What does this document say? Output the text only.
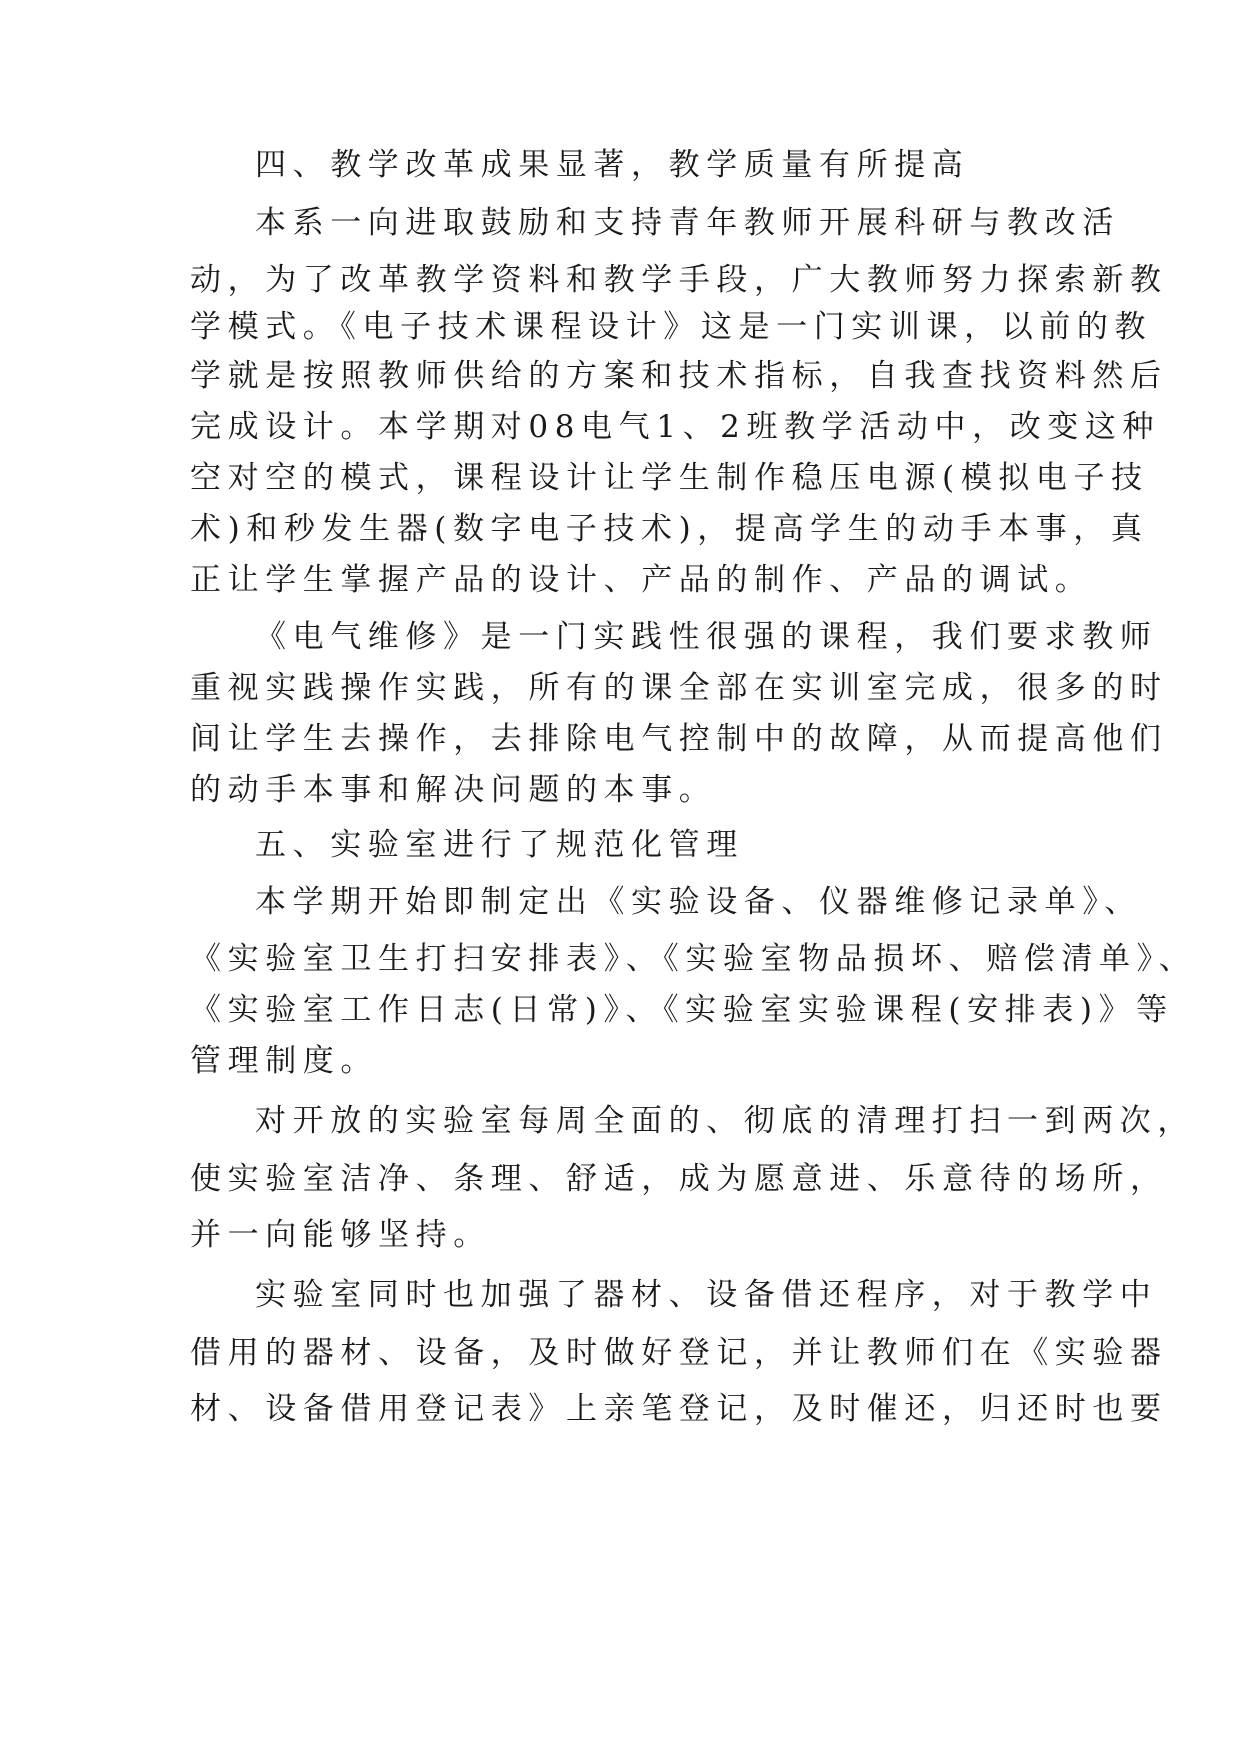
四、教学改革成果显著，教学质量有所提高
本系一向进取鼓励和支持青年教师开展科研与教改活
动，为了改革教学资料和教学手段，广大教师努力探索新教
学模式。《电子技术课程设计》这是一门实训课，以前的教
学就是按照教师供给的方案和技术指标，自我查找资料然后
完成设计。本学期对08电气1、2班教学活动中，改变这种
空对空的模式，课程设计让学生制作稳压电源(模拟电子技
术)和秒发生器(数字电子技术)，提高学生的动手本事，真
正让学生掌握产品的设计、产品的制作、产品的调试。
《电气维修》是一门实践性很强的课程，我们要求教师
重视实践操作实践，所有的课全部在实训室完成，很多的时
间让学生去操作，去排除电气控制中的故障，从而提高他们
的动手本事和解决问题的本事。
五、实验室进行了规范化管理
本学期开始即制定出《实验设备、仪器维修记录单》、
《实验室卫生打扫安排表》、《实验室物品损坏、赔偿清单》、
《实验室工作日志(日常)》、《实验室实验课程(安排表)》等
管理制度。
对开放的实验室每周全面的、彻底的清理打扫一到两次，
使实验室洁净、条理、舒适，成为愿意进、乐意待的场所，
并一向能够坚持。
实验室同时也加强了器材、设备借还程序，对于教学中
借用的器材、设备，及时做好登记，并让教师们在《实验器
材、设备借用登记表》上亲笔登记，及时催还，归还时也要
